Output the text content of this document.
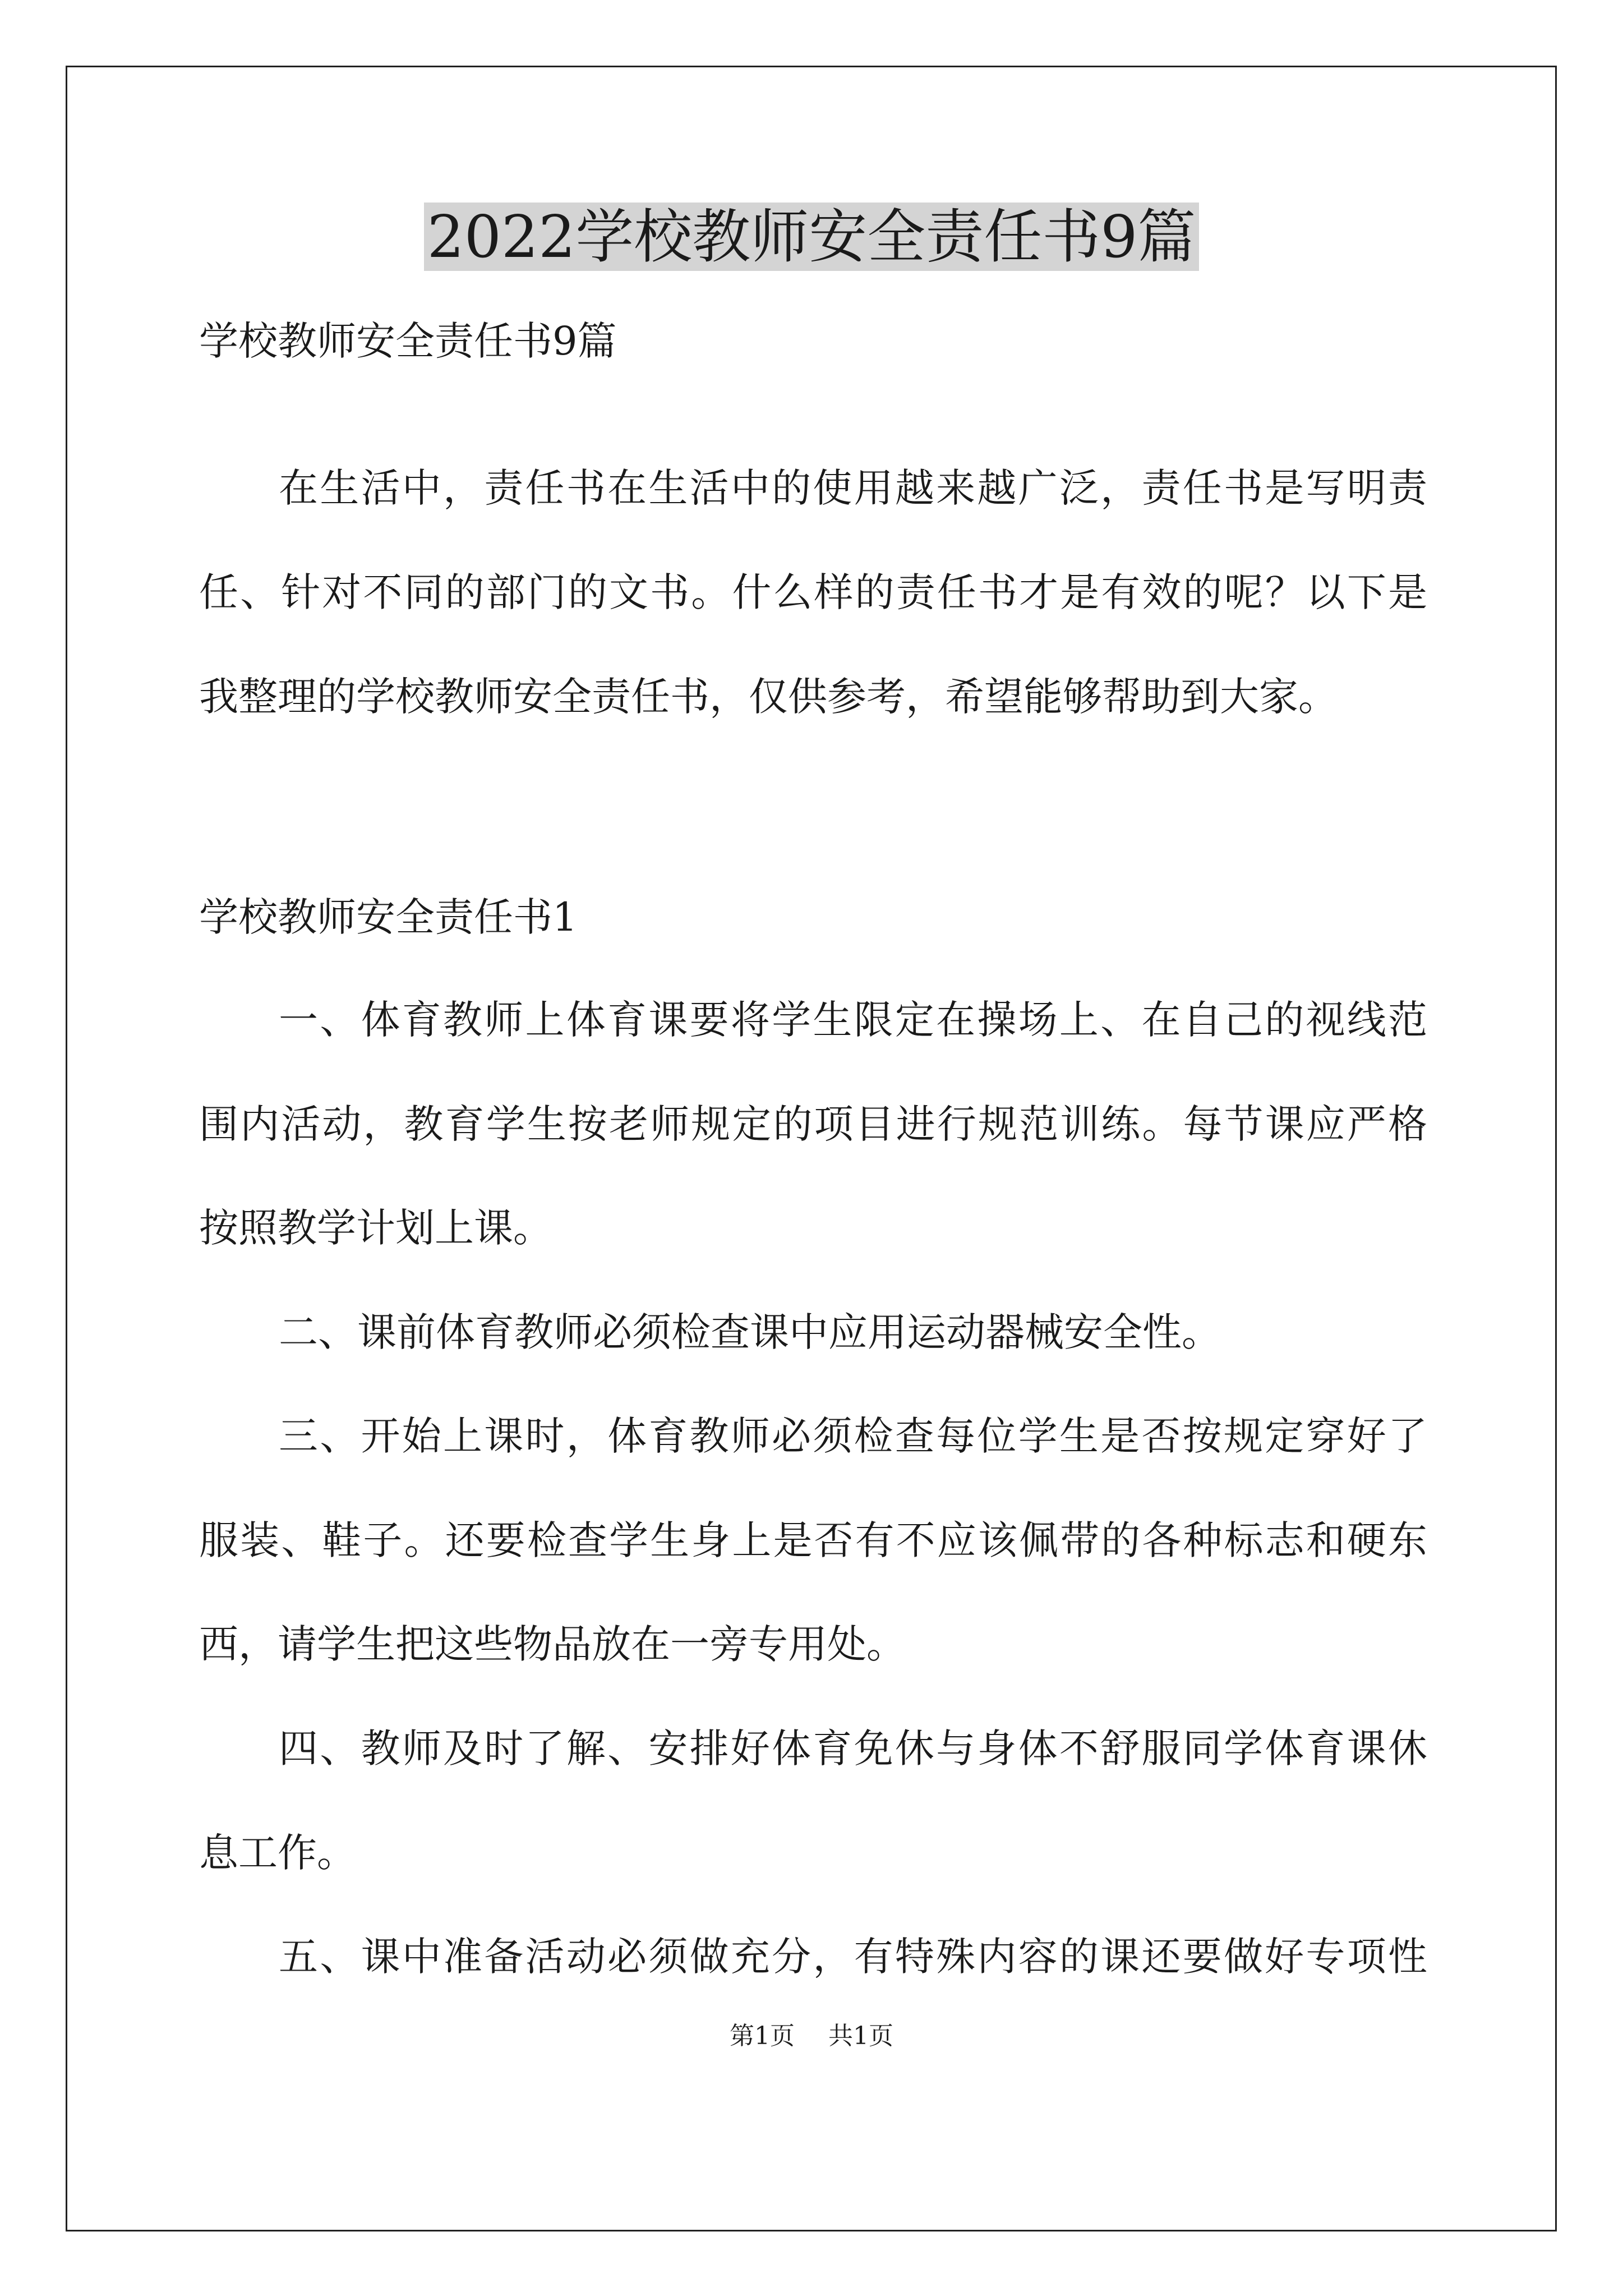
2022学校教师安全责任书9篇

学校教师安全责任书9篇

在生活中，责任书在生活中的使用越来越广泛，责任书是写明责

任、针对不同的部门的文书。什么样的责任书才是有效的呢？以下是

我整理的学校教师安全责任书，仅供参考，希望能够帮助到大家。

学校教师安全责任书1

一、体育教师上体育课要将学生限定在操场上、在自己的视线范

围内活动，教育学生按老师规定的项目进行规范训练。每节课应严格

按照教学计划上课。

二、课前体育教师必须检查课中应用运动器械安全性。

三、开始上课时，体育教师必须检查每位学生是否按规定穿好了

服装、鞋子。还要检查学生身上是否有不应该佩带的各种标志和硬东

西，请学生把这些物品放在一旁专用处。

四、教师及时了解、安排好体育免休与身体不舒服同学体育课休

息工作。

五、课中准备活动必须做充分，有特殊内容的课还要做好专项性

第1页 共1页
